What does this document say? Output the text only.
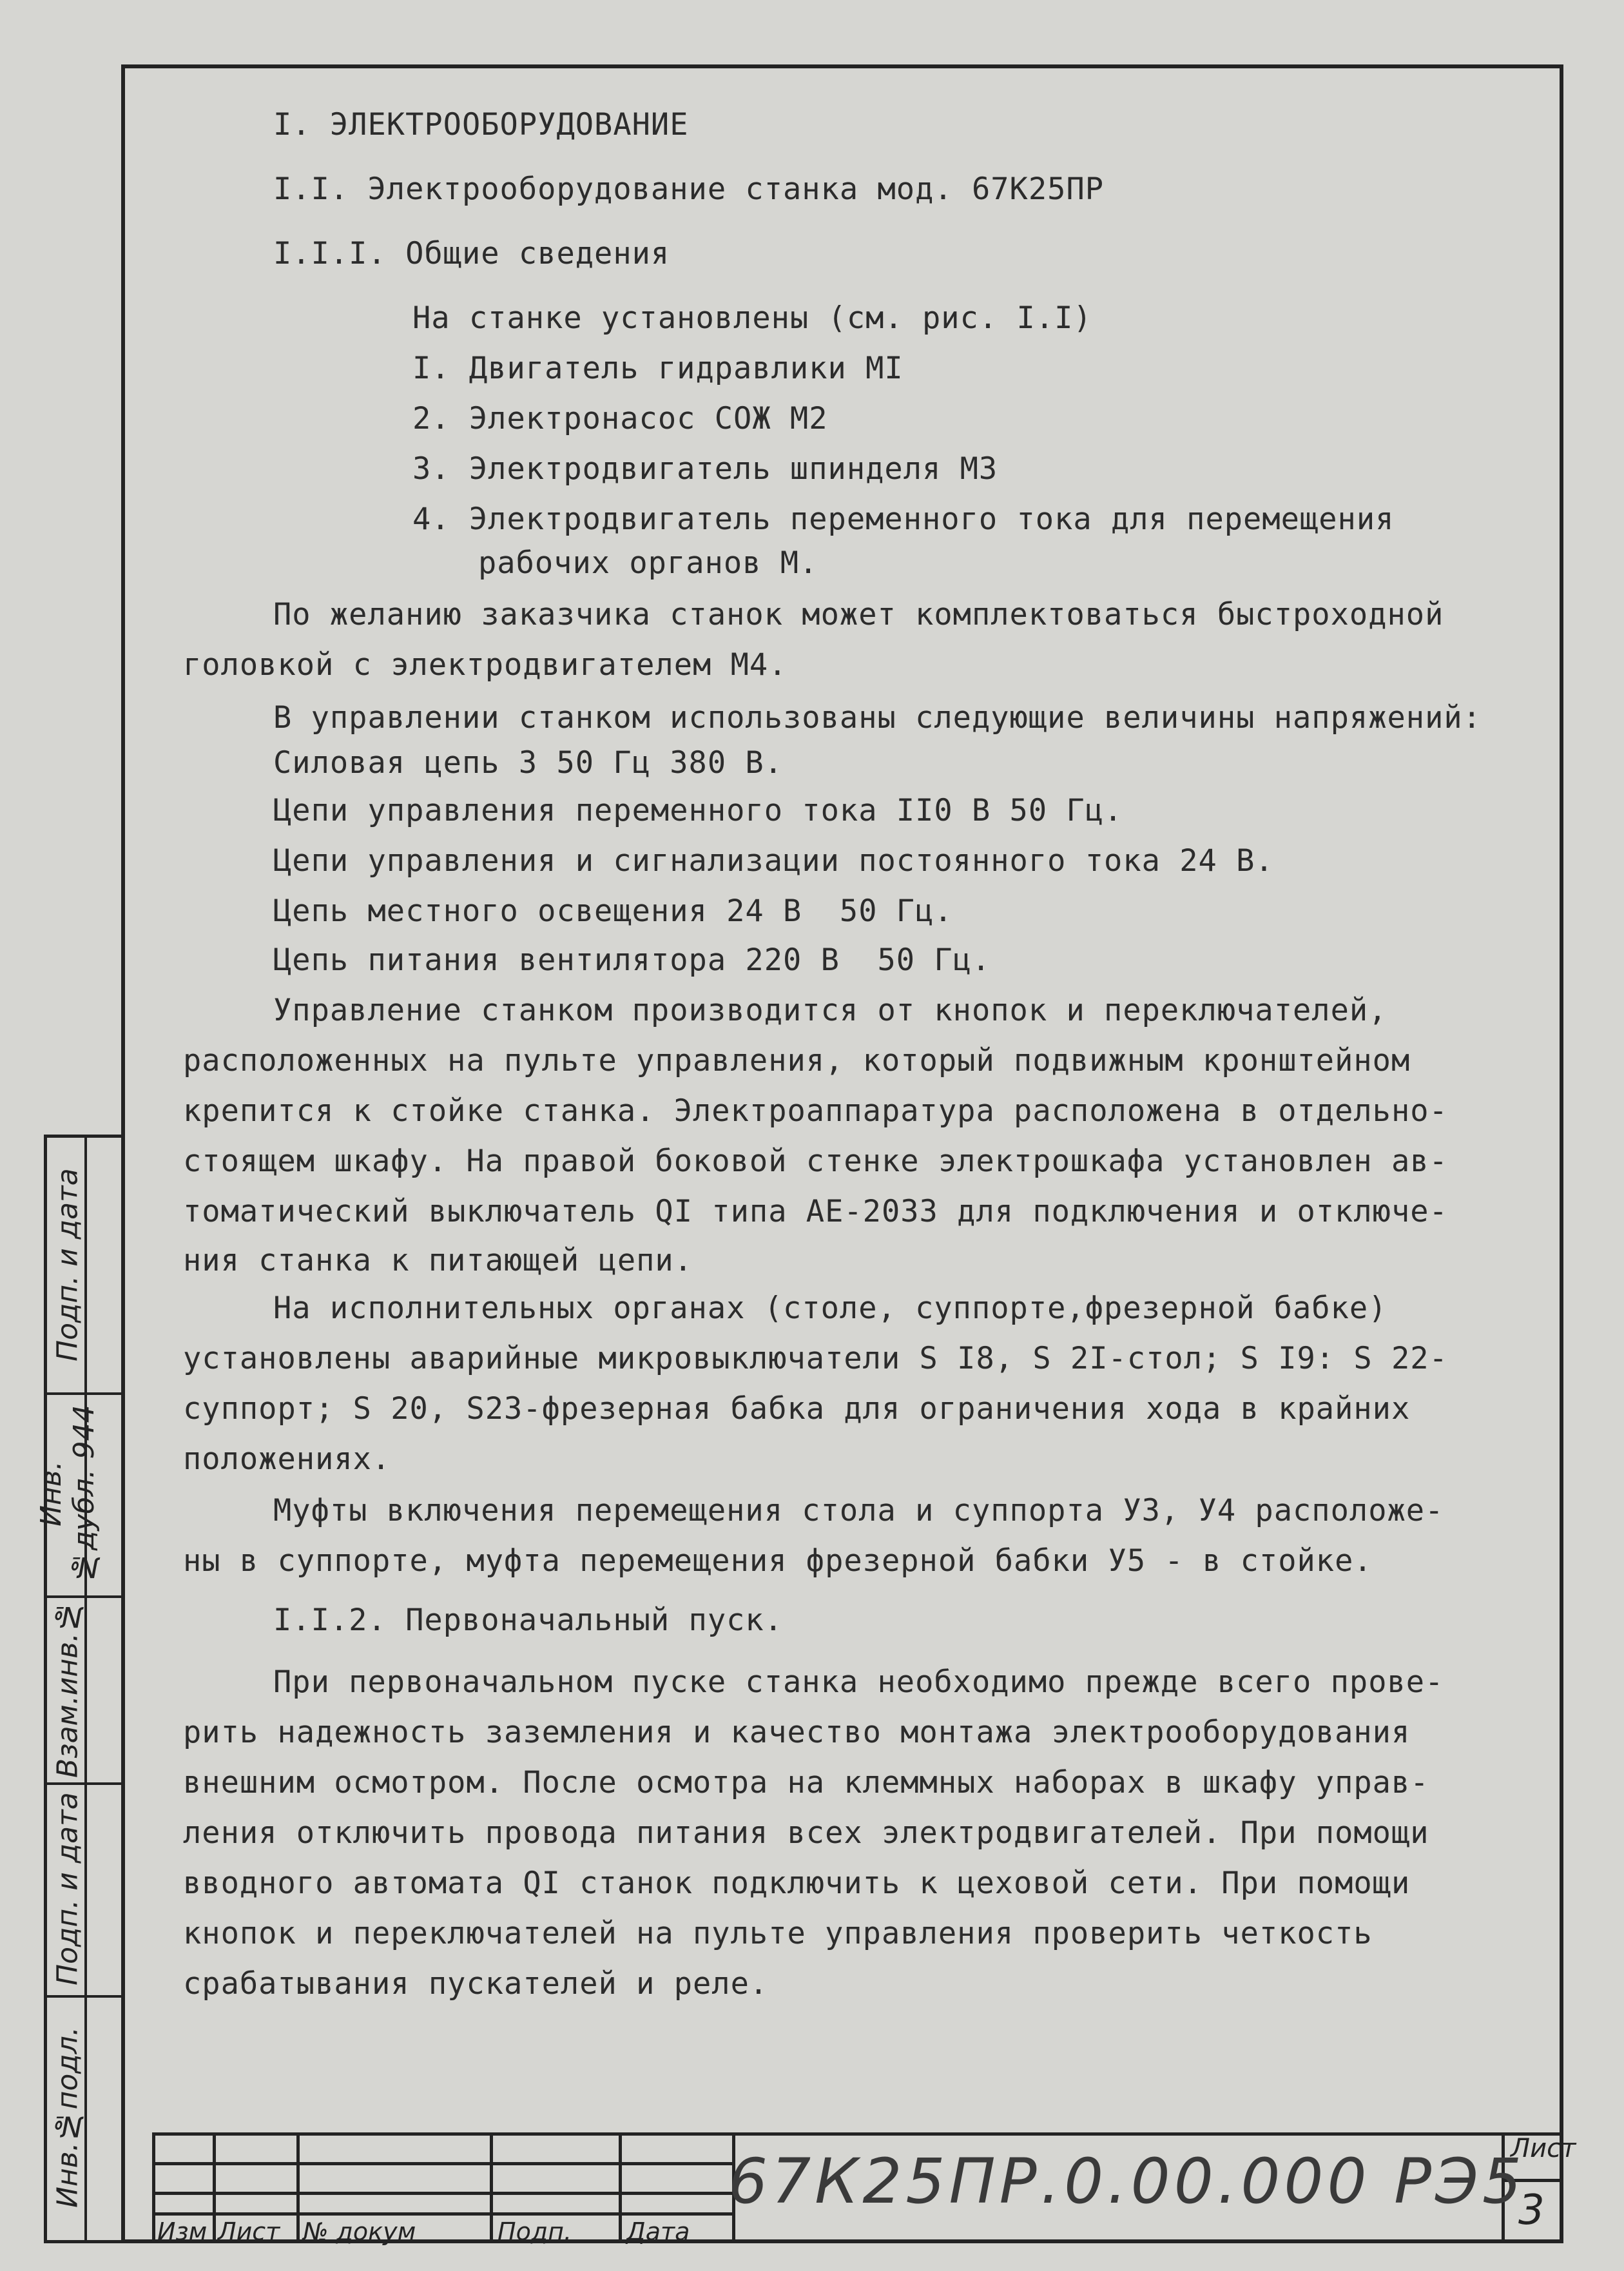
I. ЭЛЕКТРООБОРУДОВАНИЕ
I.I. Электрооборудование станка мод. 67К25ПР
I.I.I. Общие сведения
На станке установлены (см. рис. I.I)
I. Двигатель гидравлики МI
2. Электронасос СОЖ М2
3. Электродвигатель шпинделя М3
4. Электродвигатель переменного тока для перемещения
рабочих органов М.
По желанию заказчика станок может комплектоваться быстроходной
головкой с электродвигателем М4.
В управлении станком использованы следующие величины напряжений:
Силовая цепь 3 50 Гц 380 В.
Цепи управления переменного тока II0 В 50 Гц.
Цепи управления и сигнализации постоянного тока 24 В.
Цепь местного освещения 24 В  50 Гц.
Цепь питания вентилятора 220 В  50 Гц.
Управление станком производится от кнопок и переключателей,
расположенных на пульте управления, который подвижным кронштейном
крепится к стойке станка. Электроаппаратура расположена в отдельно-
стоящем шкафу. На правой боковой стенке электрошкафа установлен ав-
томатический выключатель QI типа АЕ-2033 для подключения и отключе-
ния станка к питающей цепи.
На исполнительных органах (столе, суппорте,фрезерной бабке)
установлены аварийные микровыключатели S I8, S 2I-стол; S I9: S 22-
суппорт; S 20, S23-фрезерная бабка для ограничения хода в крайних
положениях.
Муфты включения перемещения стола и суппорта У3, У4 расположе-
ны в суппорте, муфта перемещения фрезерной бабки У5 - в стойке.
I.I.2. Первоначальный пуск.
При первоначальном пуске станка необходимо прежде всего прове-
рить надежность заземления и качество монтажа электрооборудования
внешним осмотром. После осмотра на клеммных наборах в шкафу управ-
ления отключить провода питания всех электродвигателей. При помощи
вводного автомата QI станок подключить к цеховой сети. При помощи
кнопок и переключателей на пульте управления проверить четкость
срабатывания пускателей и реле.
Подп. и дата
Инв.№дубл.-944
Взам.инв.№
Подп. и дата
Инв.№подл.
Изм Лист № докум	Подп. Дата
67К25ПР.0.00.000 РЭ5
Лист
3
